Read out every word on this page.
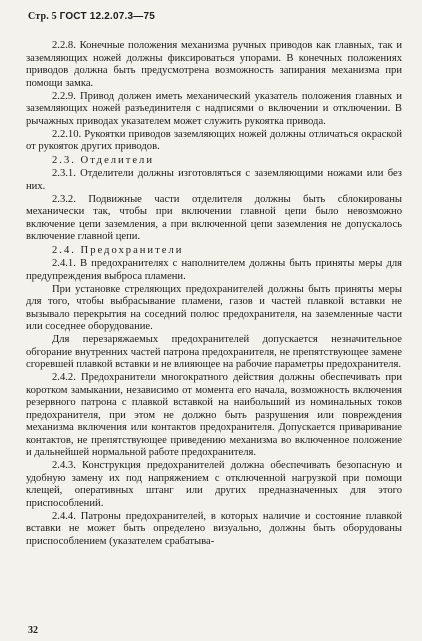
Стр. 5 ГОСТ 12.2.07.3—75

2.2.8. Конечные положения механизма ручных приводов как главных, так и заземляющих ножей должны фиксироваться упорами. В конечных положениях приводов должна быть предусмотрена возможность запирания механизма при помощи замка.

2.2.9. Привод должен иметь механический указатель положения главных и заземляющих ножей разъединителя с надписями о включении и отключении. В рычажных приводах указателем может служить рукоятка привода.

2.2.10. Рукоятки приводов заземляющих ножей должны отличаться окраской от рукояток других приводов.

2.3. Отделители

2.3.1. Отделители должны изготовляться с заземляющими ножами или без них.

2.3.2. Подвижные части отделителя должны быть сблокированы механически так, чтобы при включении главной цепи было невозможно включение цепи заземления, а при включенной цепи заземления не допускалось включение главной цепи.

2.4. Предохранители

2.4.1. В предохранителях с наполнителем должны быть приняты меры для предупреждения выброса пламени.

При установке стреляющих предохранителей должны быть приняты меры для того, чтобы выбрасывание пламени, газов и частей плавкой вставки не вызывало перекрытия на соседний полюс предохранителя, на заземленные части или соседнее оборудование.

Для перезаряжаемых предохранителей допускается незначительное обгорание внутренних частей патрона предохранителя, не препятствующее замене сгоревшей плавкой вставки и не влияющее на рабочие параметры предохранителя.

2.4.2. Предохранители многократного действия должны обеспечивать при коротком замыкании, независимо от момента его начала, возможность включения резервного патрона с плавкой вставкой на наибольший из номинальных токов предохранителя, при этом не должно быть разрушения или повреждения механизма включения или контактов предохранителя. Допускается приваривание контактов, не препятствующее приведению механизма во включенное положение и дальнейшей нормальной работе предохранителя.

2.4.3. Конструкция предохранителей должна обеспечивать безопасную и удобную замену их под напряжением с отключенной нагрузкой при помощи клещей, оперативных штанг или других предназначенных для этого приспособлений.

2.4.4. Патроны предохранителей, в которых наличие и состояние плавкой вставки не может быть определено визуально, должны быть оборудованы приспособлением (указателем срабатыва-

32
